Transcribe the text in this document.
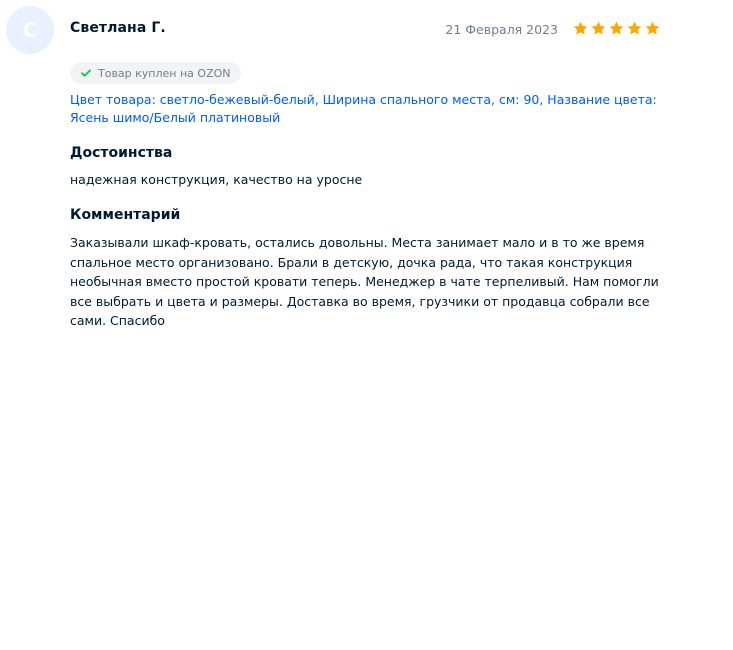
С Светлана Г.	21 Февраля 2023
Товар куплен на OZON

Цвет товара: светло-бежевый-белый, Ширина спального места, см: 90, Название цвета: Ясень шимо/Белый платиновый

Достоинства

надежная конструкция, качество на уросне

Комментарий

Заказывали шкаф-кровать, остались довольны. Места занимает мало и в то же время спальное место организовано. Брали в детскую, дочка рада, что такая конструкция необычная вместо простой кровати теперь. Менеджер в чате терпеливый. Нам помогли все выбрать и цвета и размеры. Доставка во время, грузчики от продавца собрали все сами. Спасибо
